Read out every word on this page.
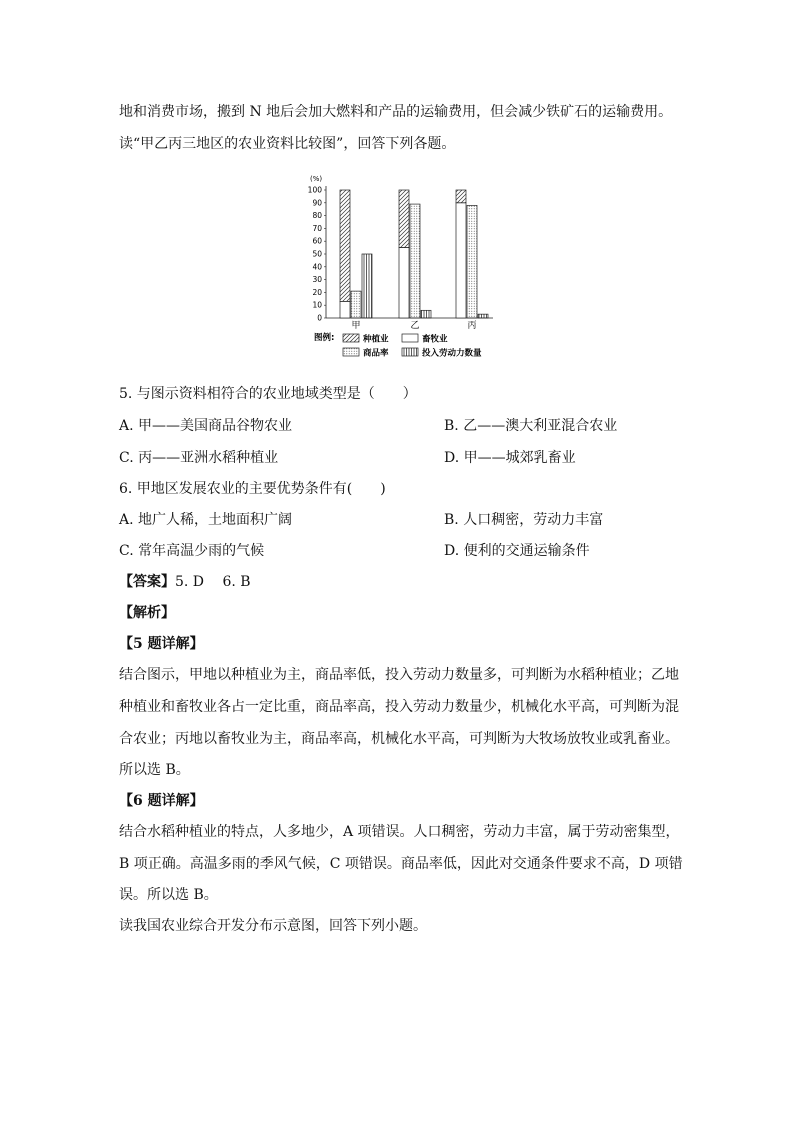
地和消费市场，搬到 N 地后会加大燃料和产品的运输费用，但会减少铁矿石的运输费用。
读“甲乙丙三地区的农业资料比较图”，回答下列各题。
(%)
0
10
20
30
40
50
60
70
80
90
100
甲	乙	丙
图例:	种植业	畜牧业
商品率	投入劳动力数量
5. 与图示资料相符合的农业地域类型是（　　）
A. 甲——美国商品谷物农业	B. 乙——澳大利亚混合农业
C. 丙——亚洲水稻种植业	D. 甲——城郊乳畜业
6. 甲地区发展农业的主要优势条件有(　　)
A. 地广人稀，土地面积广阔	B. 人口稠密，劳动力丰富
C. 常年高温少雨的气候	D. 便利的交通运输条件
【答案】5. D　 6. B
【解析】
【5 题详解】
结合图示，甲地以种植业为主，商品率低，投入劳动力数量多，可判断为水稻种植业；乙地
种植业和畜牧业各占一定比重，商品率高，投入劳动力数量少，机械化水平高，可判断为混
合农业；丙地以畜牧业为主，商品率高，机械化水平高，可判断为大牧场放牧业或乳畜业。
所以选 B。
【6 题详解】
结合水稻种植业的特点，人多地少，A 项错误。人口稠密，劳动力丰富，属于劳动密集型，
B 项正确。高温多雨的季风气候，C 项错误。商品率低，因此对交通条件要求不高，D 项错
误。所以选 B。
读我国农业综合开发分布示意图，回答下列小题。
